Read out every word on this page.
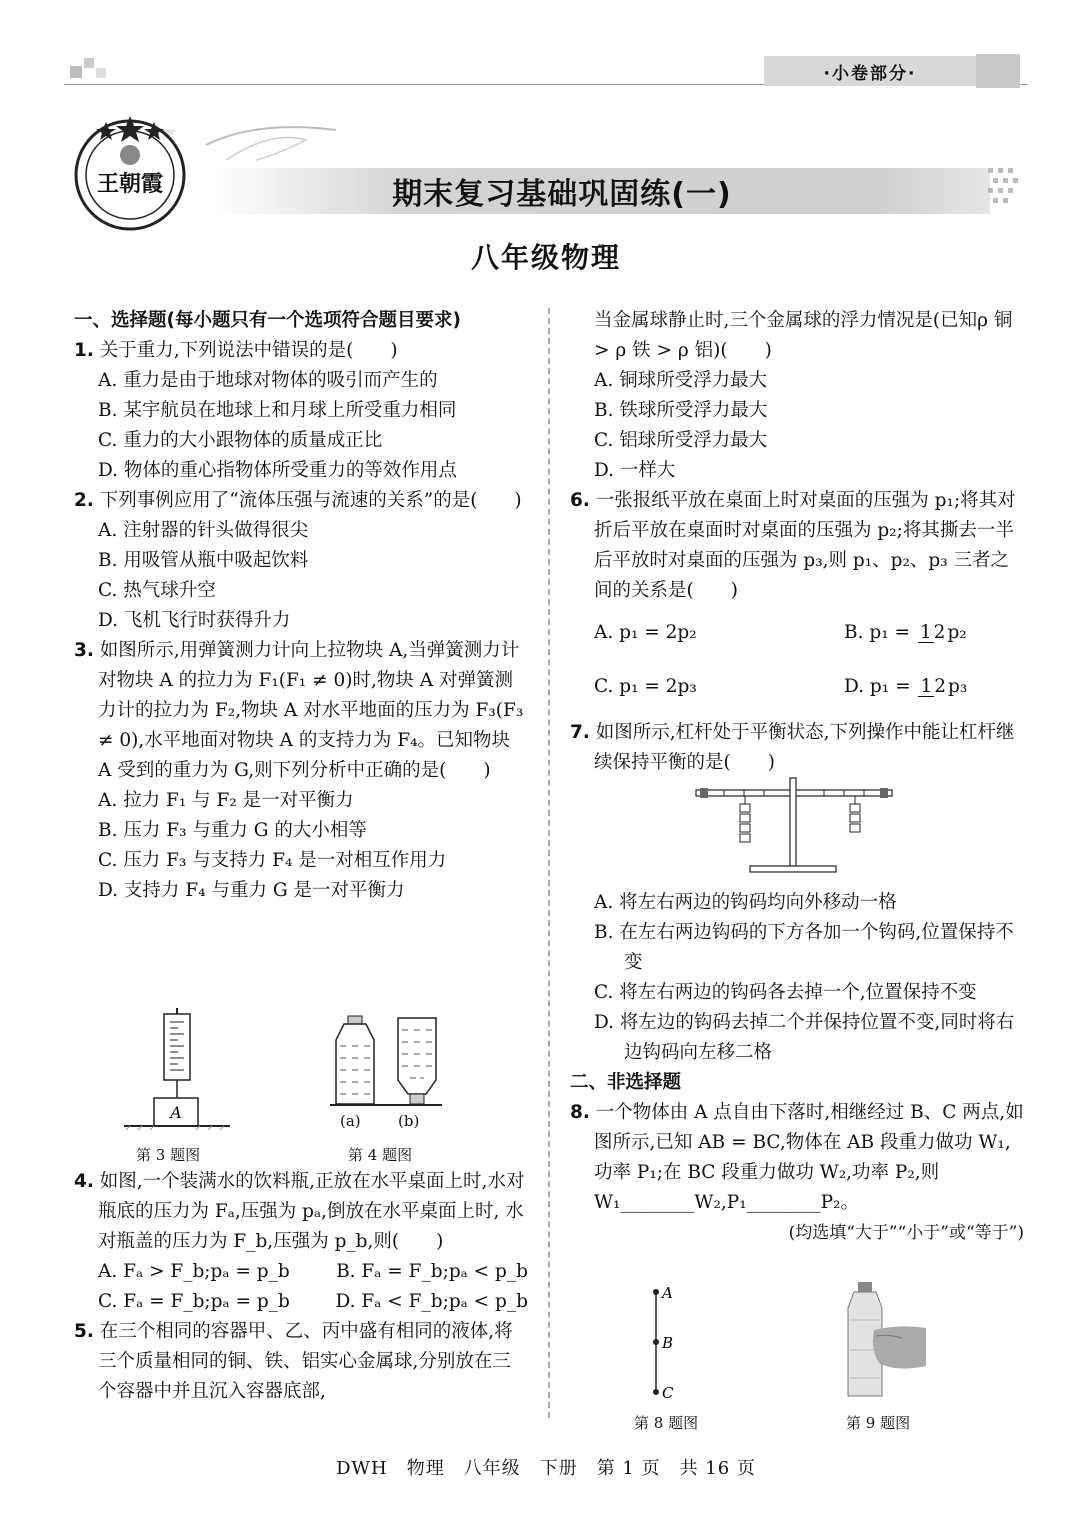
·小卷部分·
王朝霞	期末复习基础巩固练(一)
八年级物理

一、选择题(每小题只有一个选项符合题目要求)

1. 关于重力,下列说法中错误的是(　　)

A. 重力是由于地球对物体的吸引而产生的

B. 某宇航员在地球上和月球上所受重力相同

C. 重力的大小跟物体的质量成正比

D. 物体的重心指物体所受重力的等效作用点

2. 下列事例应用了“流体压强与流速的关系”的是(　　)

A. 注射器的针头做得很尖

B. 用吸管从瓶中吸起饮料

C. 热气球升空

D. 飞机飞行时获得升力

3. 如图所示,用弹簧测力计向上拉物块 A,当弹簧测力计对物块 A 的拉力为 F₁(F₁ ≠ 0)时,物块 A 对弹簧测力计的拉力为 F₂,物块 A 对水平地面的压力为 F₃(F₃ ≠ 0),水平地面对物块 A 的支持力为 F₄。已知物块 A 受到的重力为 G,则下列分析中正确的是(　　)

A. 拉力 F₁ 与 F₂ 是一对平衡力

B. 压力 F₃ 与重力 G 的大小相等

C. 压力 F₃ 与支持力 F₄ 是一对相互作用力

D. 支持力 F₄ 与重力 G 是一对平衡力

A
第 3 题图
(a) (b)
第 4 题图

4. 如图,一个装满水的饮料瓶,正放在水平桌面上时,水对瓶底的压力为 Fₐ,压强为 pₐ,倒放在水平桌面上时, 水对瓶盖的压力为 F_b,压强为 p_b,则(　　)

A. Fₐ > F_b;pₐ = p_b	B. Fₐ = F_b;pₐ < p_b

C. Fₐ = F_b;pₐ = p_b	D. Fₐ < F_b;pₐ < p_b

5. 在三个相同的容器甲、乙、丙中盛有相同的液体,将三个质量相同的铜、铁、铝实心金属球,分别放在三个容器中并且沉入容器底部,

当金属球静止时,三个金属球的浮力情况是(已知ρ 铜 > ρ 铁 > ρ 铝)(　　)

A. 铜球所受浮力最大

B. 铁球所受浮力最大

C. 铝球所受浮力最大

D. 一样大

6. 一张报纸平放在桌面上时对桌面的压强为 p₁;将其对折后平放在桌面时对桌面的压强为 p₂;将其撕去一半后平放时对桌面的压强为 p₃,则 p₁、p₂、p₃ 三者之间的关系是(　　)

A. p₁ = 2p₂	B. p₁ = 1 2 p₂

C. p₁ = 2p₃	D. p₁ = 1 2 p₃

7. 如图所示,杠杆处于平衡状态,下列操作中能让杠杆继续保持平衡的是(　　)

A. 将左右两边的钩码均向外移动一格

B. 在左右两边钩码的下方各加一个钩码,位置保持不变

C. 将左右两边的钩码各去掉一个,位置保持不变

D. 将左边的钩码去掉二个并保持位置不变,同时将右边钩码向左移二格

二、非选择题

8. 一个物体由 A 点自由下落时,相继经过 B、C 两点,如图所示,已知 AB = BC,物体在 AB 段重力做功 W₁,功率 P₁;在 BC 段重力做功 W₂,功率 P₂,则 W₁________W₂,P₁________P₂。

(均选填“大于”“小于”或“等于”)

A
B
C
第 8 题图	第 9 题图
DWH　物理　八年级　下册　第 1 页　共 16 页
